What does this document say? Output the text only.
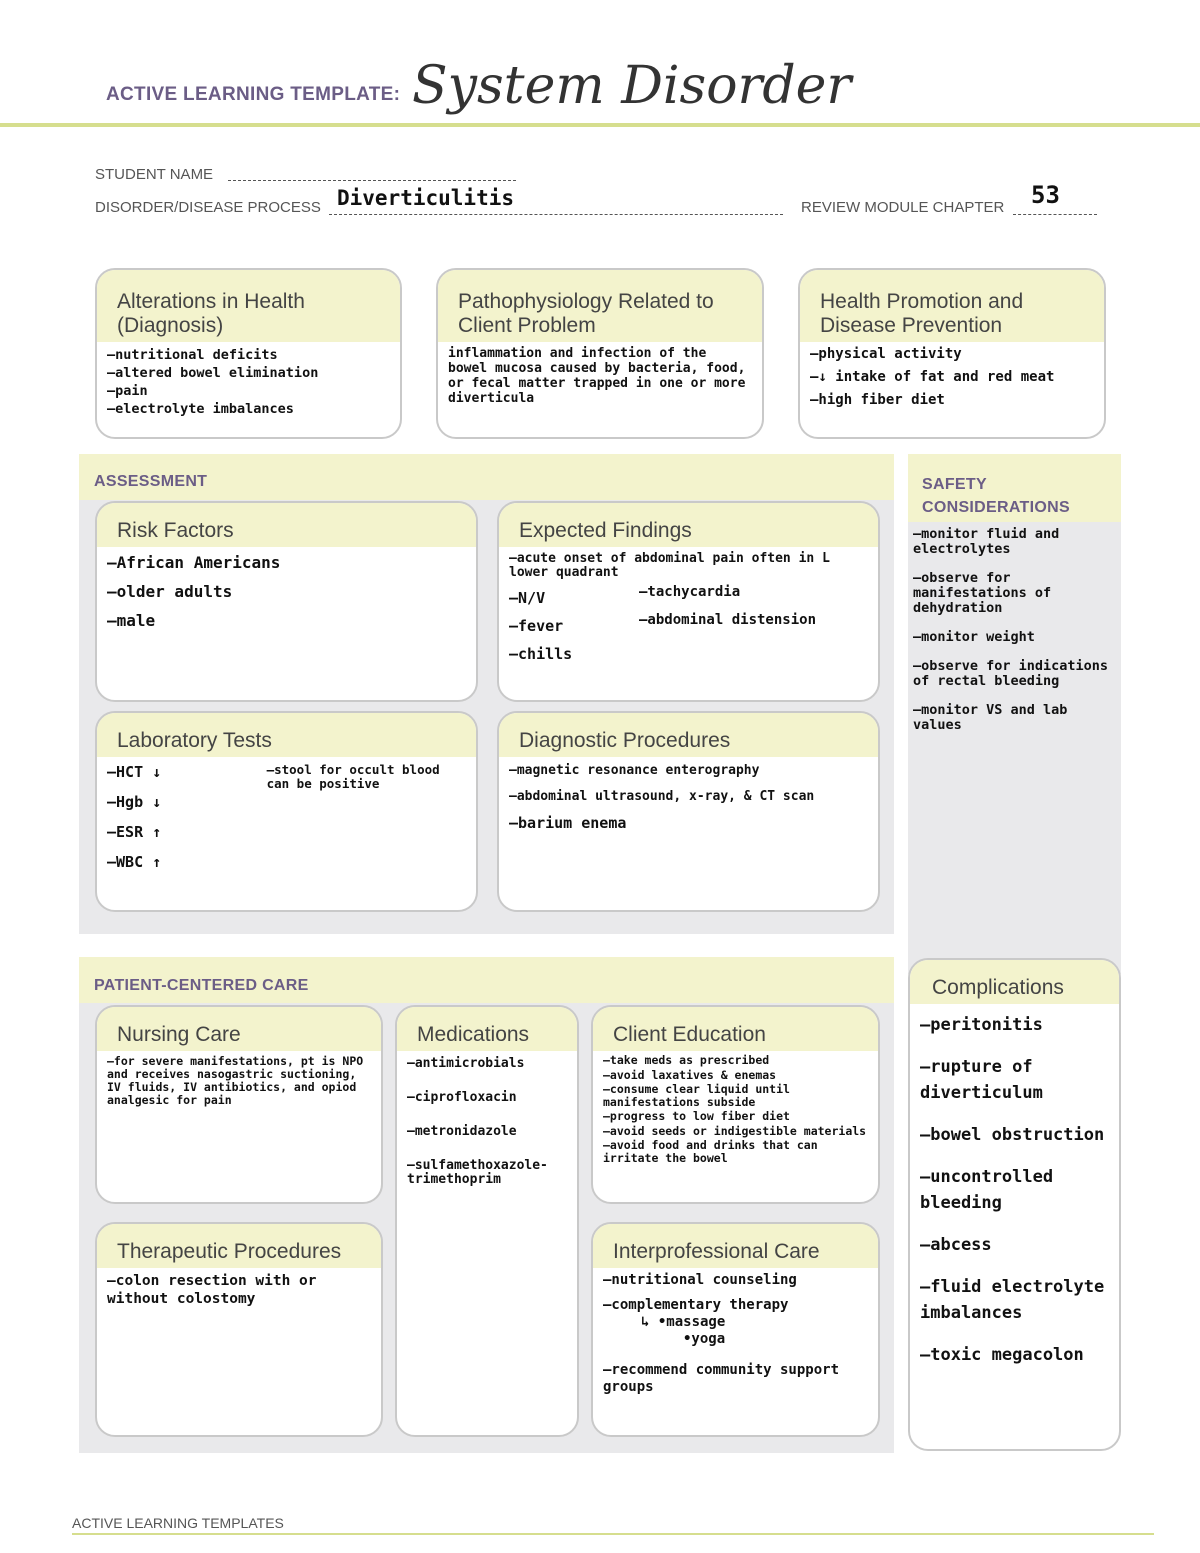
ACTIVE LEARNING TEMPLATE: System Disorder
STUDENT NAME
DISORDER/DISEASE PROCESS Diverticulitis	REVIEW MODULE CHAPTER	53
Alterations in Health (Diagnosis)
—nutritional deficits
—altered bowel elimination
—pain
—electrolyte imbalances
Pathophysiology Related to Client Problem
inflammation and infection of the bowel mucosa caused by bacteria, food, or fecal matter trapped in one or more diverticula
Health Promotion and Disease Prevention
—physical activity
—↓ intake of fat and red meat
—high fiber diet
ASSESSMENT
Risk Factors
—African Americans
—older adults
—male
Expected Findings
—acute onset of abdominal pain often in L lower quadrant
—N/V
—fever
—chills
—tachycardia
—abdominal distension
Laboratory Tests
—HCT ↓
—Hgb ↓
—ESR ↑
—WBC ↑
—stool for occult blood can be positive
Diagnostic Procedures
—magnetic resonance enterography
—abdominal ultrasound, x-ray, & CT scan
—barium enema
SAFETY CONSIDERATIONS
—monitor fluid and electrolytes
—observe for manifestations of dehydration
—monitor weight
—observe for indications of rectal bleeding
—monitor VS and lab values
PATIENT-CENTERED CARE
Nursing Care
—for severe manifestations, pt is NPO and receives nasogastric suctioning, IV fluids, IV antibiotics, and opiod analgesic for pain
Medications
—antimicrobials
—ciprofloxacin
—metronidazole
—sulfamethoxazole-trimethoprim
Client Education
—take meds as prescribed
—avoid laxatives & enemas
—consume clear liquid until manifestations subside
—progress to low fiber diet
—avoid seeds or indigestible materials
—avoid food and drinks that can irritate the bowel
Therapeutic Procedures
—colon resection with or without colostomy
Interprofessional Care
—nutritional counseling
—complementary therapy
↳ •massage
•yoga
—recommend community support groups
Complications
—peritonitis
—rupture of diverticulum
—bowel obstruction
—uncontrolled bleeding
—abcess
—fluid electrolyte imbalances
—toxic megacolon
ACTIVE LEARNING TEMPLATES
